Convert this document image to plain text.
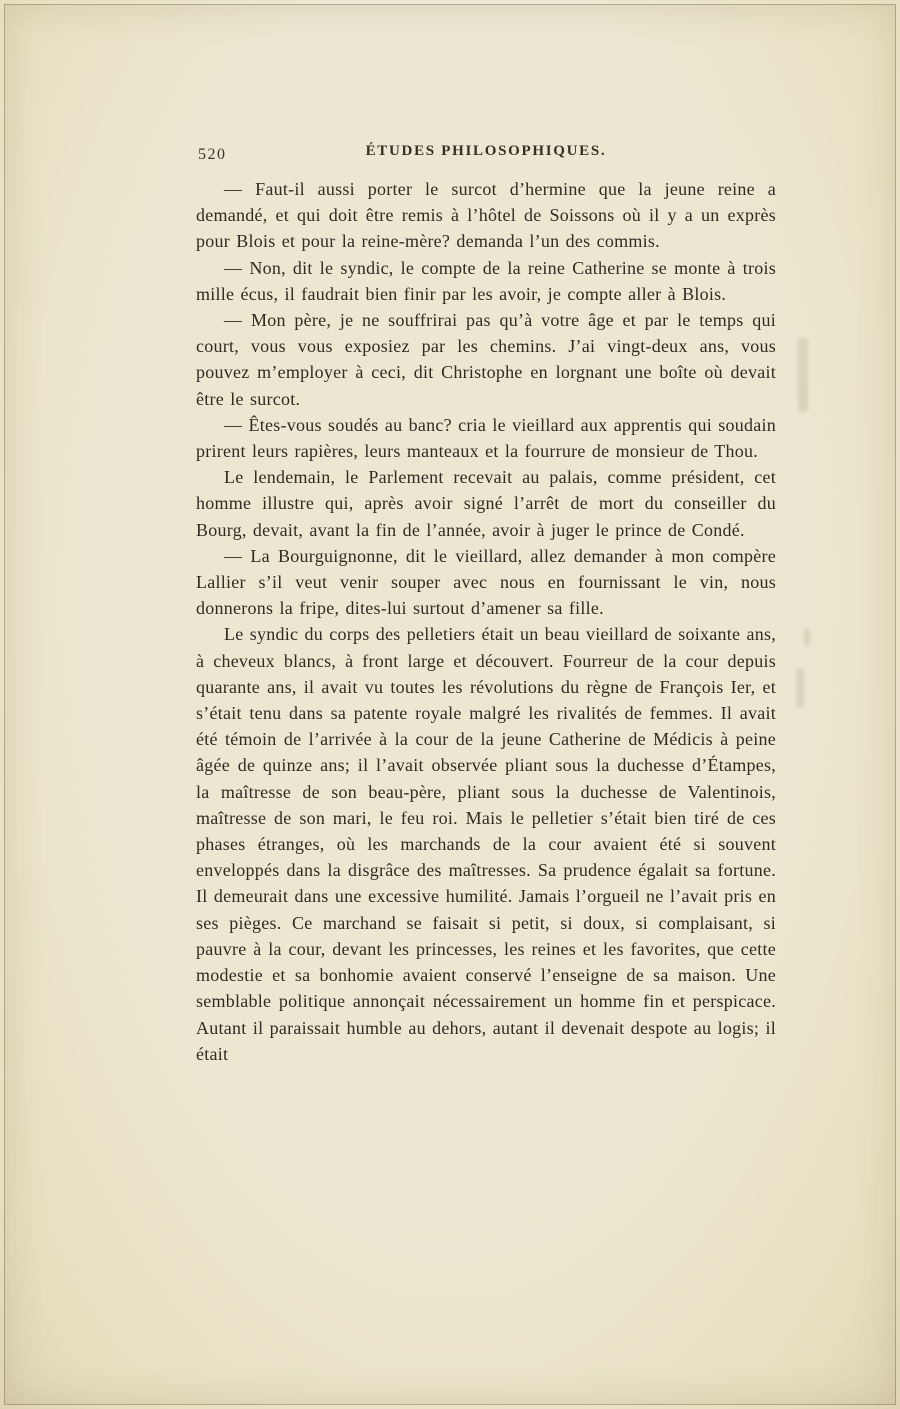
520	ÉTUDES PHILOSOPHIQUES.

— Faut-il aussi porter le surcot d’hermine que la jeune reine a demandé, et qui doit être remis à l’hôtel de Soissons où il y a un exprès pour Blois et pour la reine-mère? demanda l’un des commis.

— Non, dit le syndic, le compte de la reine Catherine se monte à trois mille écus, il faudrait bien finir par les avoir, je compte aller à Blois.

— Mon père, je ne souffrirai pas qu’à votre âge et par le temps qui court, vous vous exposiez par les chemins. J’ai vingt-deux ans, vous pouvez m’employer à ceci, dit Christophe en lorgnant une boîte où devait être le surcot.

— Êtes-vous soudés au banc? cria le vieillard aux apprentis qui soudain prirent leurs rapières, leurs manteaux et la fourrure de monsieur de Thou.

Le lendemain, le Parlement recevait au palais, comme président, cet homme illustre qui, après avoir signé l’arrêt de mort du conseiller du Bourg, devait, avant la fin de l’année, avoir à juger le prince de Condé.

— La Bourguignonne, dit le vieillard, allez demander à mon compère Lallier s’il veut venir souper avec nous en fournissant le vin, nous donnerons la fripe, dites-lui surtout d’amener sa fille.

Le syndic du corps des pelletiers était un beau vieillard de soixante ans, à cheveux blancs, à front large et découvert. Fourreur de la cour depuis quarante ans, il avait vu toutes les révolutions du règne de François Ier, et s’était tenu dans sa patente royale malgré les rivalités de femmes. Il avait été témoin de l’arrivée à la cour de la jeune Catherine de Médicis à peine âgée de quinze ans; il l’avait observée pliant sous la duchesse d’Étampes, la maîtresse de son beau-père, pliant sous la duchesse de Valentinois, maîtresse de son mari, le feu roi. Mais le pelletier s’était bien tiré de ces phases étranges, où les marchands de la cour avaient été si souvent enveloppés dans la disgrâce des maîtresses. Sa prudence égalait sa fortune. Il demeurait dans une excessive humilité. Jamais l’orgueil ne l’avait pris en ses pièges. Ce marchand se faisait si petit, si doux, si complaisant, si pauvre à la cour, devant les princesses, les reines et les favorites, que cette modestie et sa bonhomie avaient conservé l’enseigne de sa maison. Une semblable politique annonçait nécessairement un homme fin et perspicace. Autant il paraissait humble au dehors, autant il devenait despote au logis; il était
